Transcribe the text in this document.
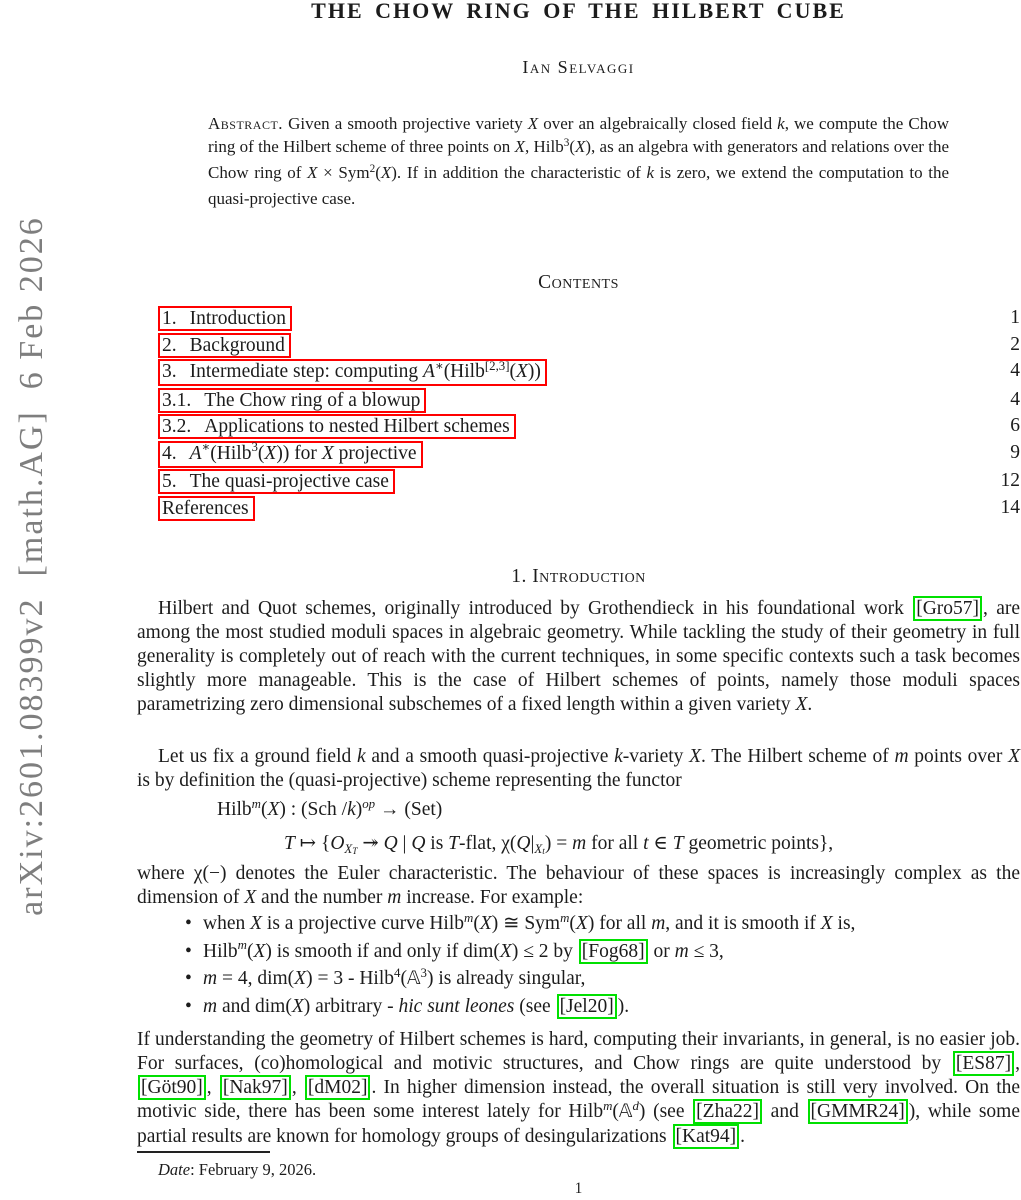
arXiv:2601.08399v2  [math.AG]  6 Feb 2026
THE CHOW RING OF THE HILBERT CUBE
Ian Selvaggi

Abstract. Given a smooth projective variety X over an algebraically closed field k, we compute the Chow ring of the Hilbert scheme of three points on X, Hilb$^3$(X), as an algebra with generators and relations over the Chow ring of X × Sym$^2$(X). If in addition the characteristic of k is zero, we extend the computation to the quasi-projective case.

Contents
1. Introduction	1
2. Background	2
3. Intermediate step: computing A∗(Hilb[2,3](X))	4
3.1. The Chow ring of a blowup	4
3.2. Applications to nested Hilbert schemes	6
4. A∗(Hilb$^3$(X)) for X projective	9
5. The quasi-projective case	12
References	14
1. Introduction

Hilbert and Quot schemes, originally introduced by Grothendieck in his foundational work [Gro57] , are among the most studied moduli spaces in algebraic geometry. While tackling the study of their geometry in full generality is completely out of reach with the current techniques, in some specific contexts such a task becomes slightly more manageable. This is the case of Hilbert schemes of points, namely those moduli spaces parametrizing zero dimensional subschemes of a fixed length within a given variety X.

Let us fix a ground field k and a smooth quasi-projective k-variety X. The Hilbert scheme of m points over X is by definition the (quasi-projective) scheme representing the functor

Hilb$^m$(X) : (Sch /k)$^{op}$ → (Set)
T ↦ {$OX_T$ ↠ Q | Q is T-flat, $\chi(Q|X_t) = m$ for all t ∈ T geometric points},

where χ(−) denotes the Euler characteristic. The behaviour of these spaces is increasingly complex as the dimension of X and the number m increase. For example:

• when X is a projective curve Hilb$^m$(X) ≅ Sym$^m$(X) for all m, and it is smooth if X is,
• Hilb$^m$(X) is smooth if and only if dim(X) ≤ 2 by [Fog68] or m ≤ 3,
• m = 4, dim(X) = 3 - Hilb$^4$(𝔸$^3$) is already singular,
• m and dim(X) arbitrary - hic sunt leones (see [Jel20] ).

If understanding the geometry of Hilbert schemes is hard, computing their invariants, in general, is no easier job. For surfaces, (co)homological and motivic structures, and Chow rings are quite understood by [ES87] , [Göt90] , [Nak97] , [dM02] . In higher dimension instead, the overall situation is still very involved. On the motivic side, there has been some interest lately for Hilb$^m$(𝔸$^d$) (see [Zha22] and [GMMR24] ), while some partial results are known for homology groups of desingularizations [Kat94] .

Date: February 9, 2026.
1
